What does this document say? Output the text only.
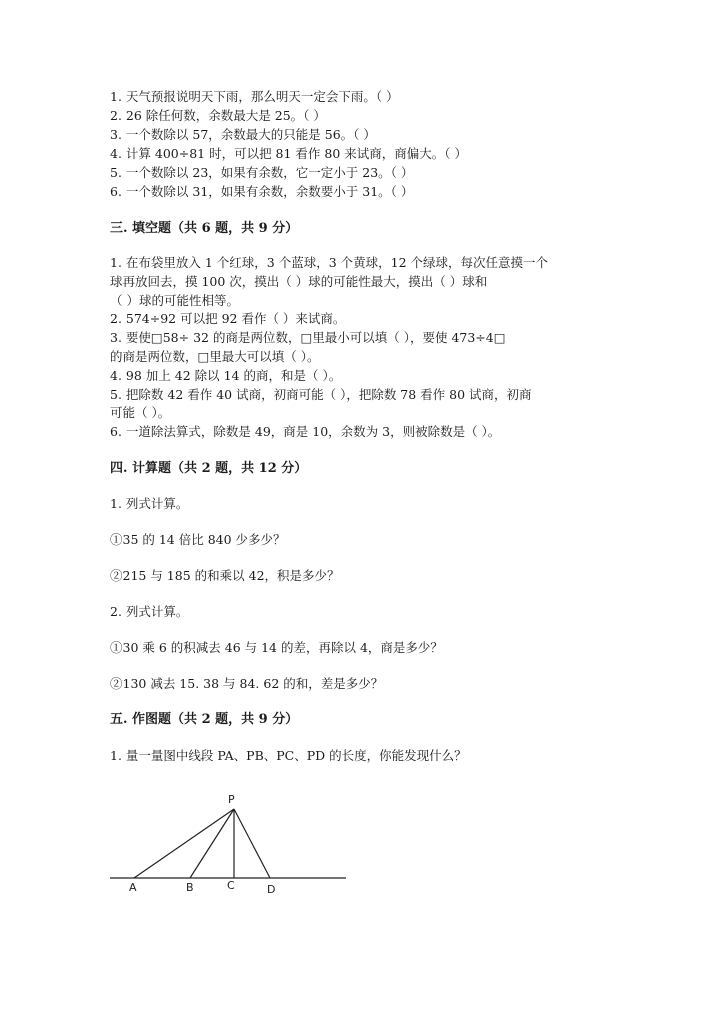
1. 天气预报说明天下雨，那么明天一定会下雨。（ ）
2. 26 除任何数，余数最大是 25。（ ）
3. 一个数除以 57，余数最大的只能是 56。（ ）
4. 计算 400÷81 时，可以把 81 看作 80 来试商，商偏大。（ ）
5. 一个数除以 23，如果有余数，它一定小于 23。（ ）
6. 一个数除以 31，如果有余数，余数要小于 31。（ ）
三. 填空题（共 6 题，共 9 分）
1. 在布袋里放入 1 个红球，3 个蓝球，3 个黄球，12 个绿球，每次任意摸一个
球再放回去，摸 100 次，摸出（ ）球的可能性最大，摸出（ ）球和
（ ）球的可能性相等。
2. 574÷92 可以把 92 看作（ ）来试商。
3. 要使□58÷ 32 的商是两位数，□里最小可以填（ ），要使 473÷4□
的商是两位数，□里最大可以填（ ）。
4. 98 加上 42 除以 14 的商，和是（ ）。
5. 把除数 42 看作 40 试商，初商可能（ ），把除数 78 看作 80 试商，初商
可能（ ）。
6. 一道除法算式，除数是 49，商是 10，余数为 3，则被除数是（ ）。
四. 计算题（共 2 题，共 12 分）
1. 列式计算。
①35 的 14 倍比 840 少多少？
②215 与 185 的和乘以 42，积是多少？
2. 列式计算。
①30 乘 6 的积减去 46 与 14 的差，再除以 4，商是多少？
②130 减去 15. 38 与 84. 62 的和，差是多少？
五. 作图题（共 2 题，共 9 分）
1. 量一量图中线段 PA、PB、PC、PD 的长度，你能发现什么？
P
A	B	C	D
